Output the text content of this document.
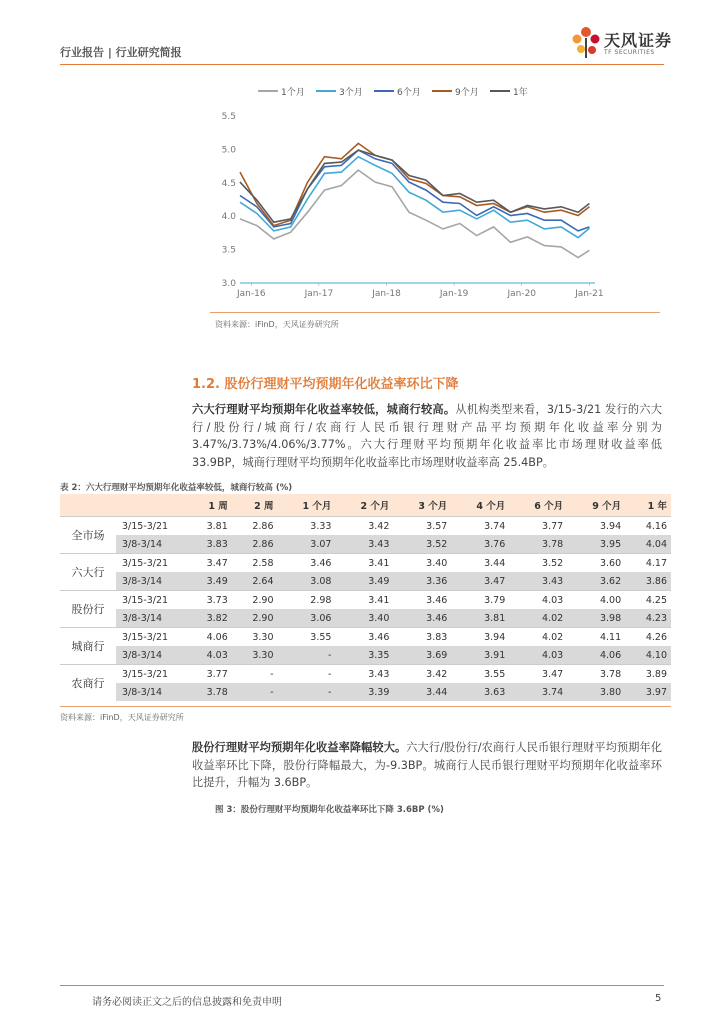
行业报告 | 行业研究简报
天风证券
TF SECURITIES
1个月	3个月	6个月	9个月	1年
3.0
3.5
4.0
4.5
5.0
5.5
Jan-16	Jan-17	Jan-18	Jan-19	Jan-20	Jan-21
资料来源：iFinD，天风证券研究所
1.2. 股份行理财平均预期年化收益率环比下降
六大行理财平均预期年化收益率较低，城商行较高。从机构类型来看，3/15-3/21 发行的六大行/股份行/城商行/农商行人民币银行理财产品平均预期年化收益率分别为3.47%/3.73%/4.06%/3.77%。六大行理财平均预期年化收益率比市场理财收益率低 33.9BP，城商行理财平均预期年化收益率比市场理财收益率高 25.4BP。
表 2：六大行理财平均预期年化收益率较低，城商行较高 (%)
		1 周	2 周	1 个月	2 个月	3 个月	4 个月	6 个月	9 个月	1 年
全市场	3/15-3/21	3.81	2.86	3.33	3.42	3.57	3.74	3.77	3.94	4.16
	3/8-3/14	3.83	2.86	3.07	3.43	3.52	3.76	3.78	3.95	4.04
六大行	3/15-3/21	3.47	2.58	3.46	3.41	3.40	3.44	3.52	3.60	4.17
	3/8-3/14	3.49	2.64	3.08	3.49	3.36	3.47	3.43	3.62	3.86
股份行	3/15-3/21	3.73	2.90	2.98	3.41	3.46	3.79	4.03	4.00	4.25
	3/8-3/14	3.82	2.90	3.06	3.40	3.46	3.81	4.02	3.98	4.23
城商行	3/15-3/21	4.06	3.30	3.55	3.46	3.83	3.94	4.02	4.11	4.26
	3/8-3/14	4.03	3.30	-	3.35	3.69	3.91	4.03	4.06	4.10
农商行	3/15-3/21	3.77	-	-	3.43	3.42	3.55	3.47	3.78	3.89
	3/8-3/14	3.78	-	-	3.39	3.44	3.63	3.74	3.80	3.97
资料来源：iFinD，天风证券研究所
股份行理财平均预期年化收益率降幅较大。六大行/股份行/农商行人民币银行理财平均预期年化收益率环比下降，股份行降幅最大，为-9.3BP。城商行人民币银行理财平均预期年化收益率环比提升，升幅为 3.6BP。
图 3：股份行理财平均预期年化收益率环比下降 3.6BP (%)
请务必阅读正文之后的信息披露和免责申明	5
